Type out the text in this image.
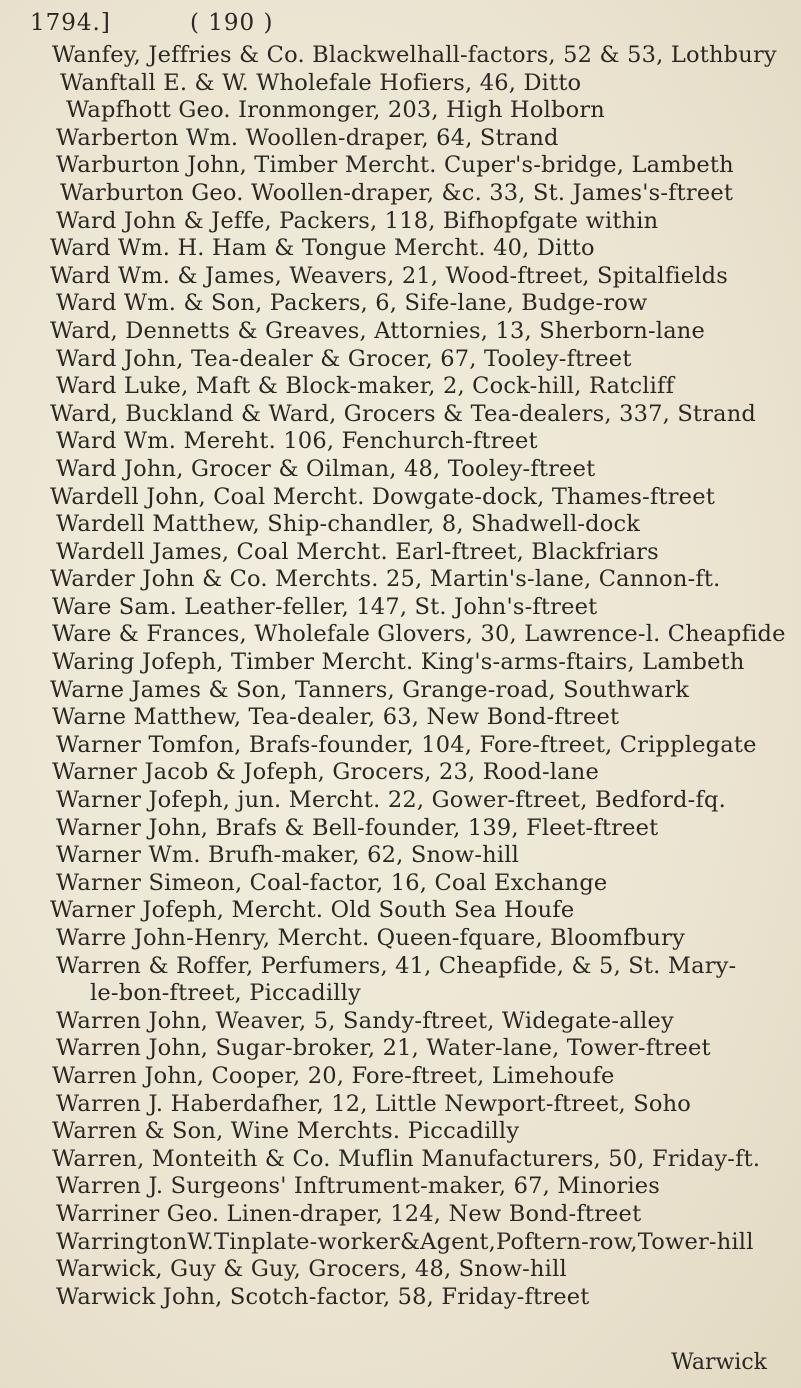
1794.]	( 190 )
Wanfey, Jeffries & Co. Blackwelhall-factors, 52 & 53, Lothbury
Wanftall E. & W. Wholefale Hofiers, 46, Ditto
Wapfhott Geo. Ironmonger, 203, High Holborn
Warberton Wm. Woollen-draper, 64, Strand
Warburton John, Timber Mercht. Cuper's-bridge, Lambeth
Warburton Geo. Woollen-draper, &c. 33, St. James's-ftreet
Ward John & Jeffe, Packers, 118, Bifhopfgate within
Ward Wm. H. Ham & Tongue Mercht. 40, Ditto
Ward Wm. & James, Weavers, 21, Wood-ftreet, Spitalfields
Ward Wm. & Son, Packers, 6, Sife-lane, Budge-row
Ward, Dennetts & Greaves, Attornies, 13, Sherborn-lane
Ward John, Tea-dealer & Grocer, 67, Tooley-ftreet
Ward Luke, Maft & Block-maker, 2, Cock-hill, Ratcliff
Ward, Buckland & Ward, Grocers & Tea-dealers, 337, Strand
Ward Wm. Mereht. 106, Fenchurch-ftreet
Ward John, Grocer & Oilman, 48, Tooley-ftreet
Wardell John, Coal Mercht. Dowgate-dock, Thames-ftreet
Wardell Matthew, Ship-chandler, 8, Shadwell-dock
Wardell James, Coal Mercht. Earl-ftreet, Blackfriars
Warder John & Co. Merchts. 25, Martin's-lane, Cannon-ft.
Ware Sam. Leather-feller, 147, St. John's-ftreet
Ware & Frances, Wholefale Glovers, 30, Lawrence-l. Cheapfide
Waring Jofeph, Timber Mercht. King's-arms-ftairs, Lambeth
Warne James & Son, Tanners, Grange-road, Southwark
Warne Matthew, Tea-dealer, 63, New Bond-ftreet
Warner Tomfon, Brafs-founder, 104, Fore-ftreet, Cripplegate
Warner Jacob & Jofeph, Grocers, 23, Rood-lane
Warner Jofeph, jun. Mercht. 22, Gower-ftreet, Bedford-fq.
Warner John, Brafs & Bell-founder, 139, Fleet-ftreet
Warner Wm. Brufh-maker, 62, Snow-hill
Warner Simeon, Coal-factor, 16, Coal Exchange
Warner Jofeph, Mercht. Old South Sea Houfe
Warre John-Henry, Mercht. Queen-fquare, Bloomfbury
Warren & Roffer, Perfumers, 41, Cheapfide, & 5, St. Mary-
le-bon-ftreet, Piccadilly
Warren John, Weaver, 5, Sandy-ftreet, Widegate-alley
Warren John, Sugar-broker, 21, Water-lane, Tower-ftreet
Warren John, Cooper, 20, Fore-ftreet, Limehoufe
Warren J. Haberdafher, 12, Little Newport-ftreet, Soho
Warren & Son, Wine Merchts. Piccadilly
Warren, Monteith & Co. Muflin Manufacturers, 50, Friday-ft.
Warren J. Surgeons' Inftrument-maker, 67, Minories
Warriner Geo. Linen-draper, 124, New Bond-ftreet
WarringtonW.Tinplate-worker&Agent,Poftern-row,Tower-hill
Warwick, Guy & Guy, Grocers, 48, Snow-hill
Warwick John, Scotch-factor, 58, Friday-ftreet
Warwick
